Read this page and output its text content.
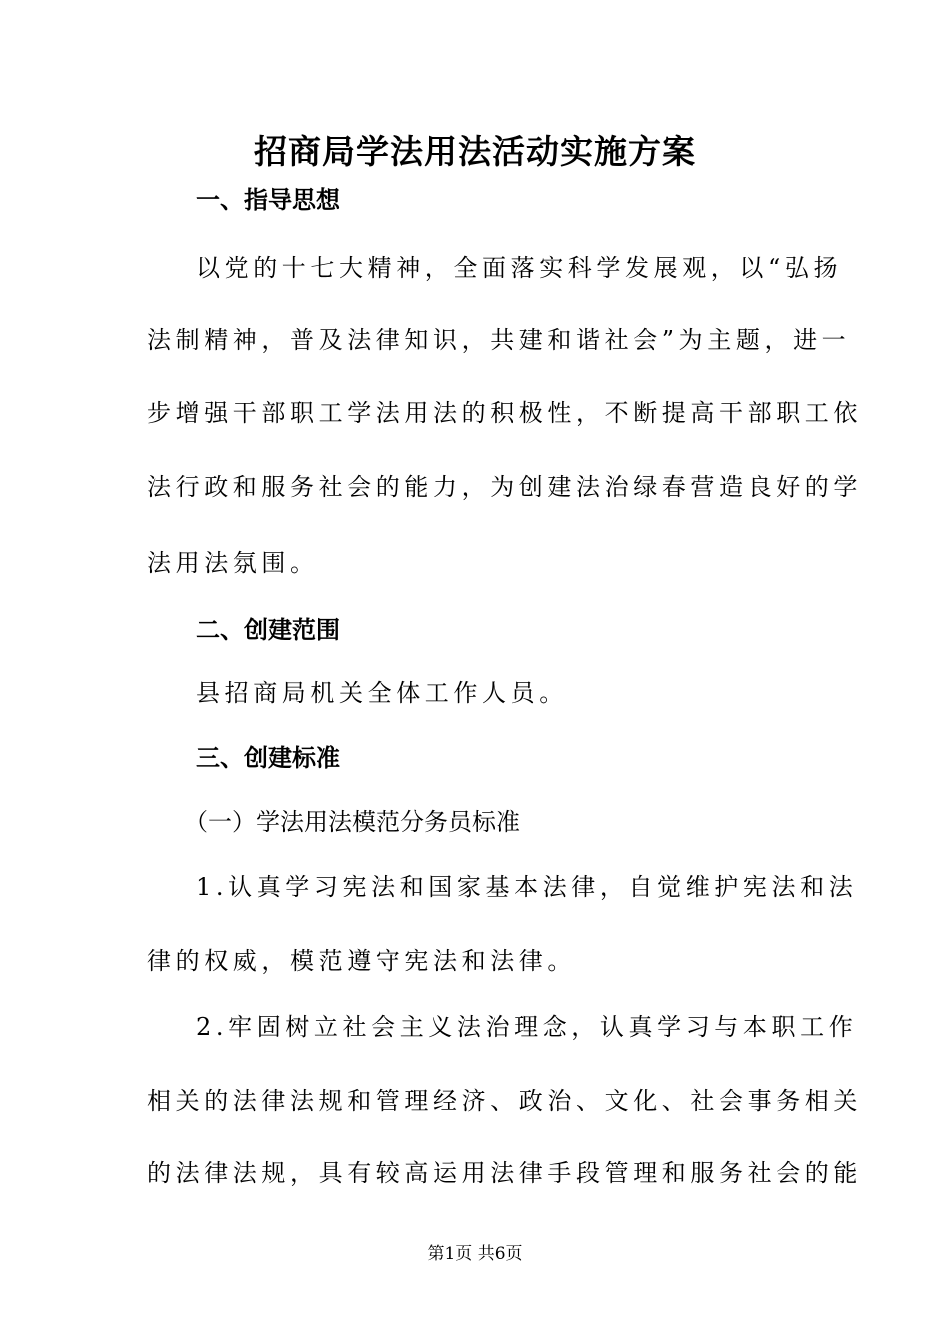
招商局学法用法活动实施方案
一、指导思想
以党的十七大精神，全面落实科学发展观，以“弘扬
法制精神，普及法律知识，共建和谐社会”为主题，进一
步增强干部职工学法用法的积极性，不断提高干部职工依
法行政和服务社会的能力，为创建法治绿春营造良好的学
法用法氛围。
二、创建范围
县招商局机关全体工作人员。
三、创建标准
（一）学法用法模范分务员标准
1.认真学习宪法和国家基本法律，自觉维护宪法和法
律的权威，模范遵守宪法和法律。
2.牢固树立社会主义法治理念，认真学习与本职工作
相关的法律法规和管理经济、政治、文化、社会事务相关
的法律法规，具有较高运用法律手段管理和服务社会的能
第1页 共6页
